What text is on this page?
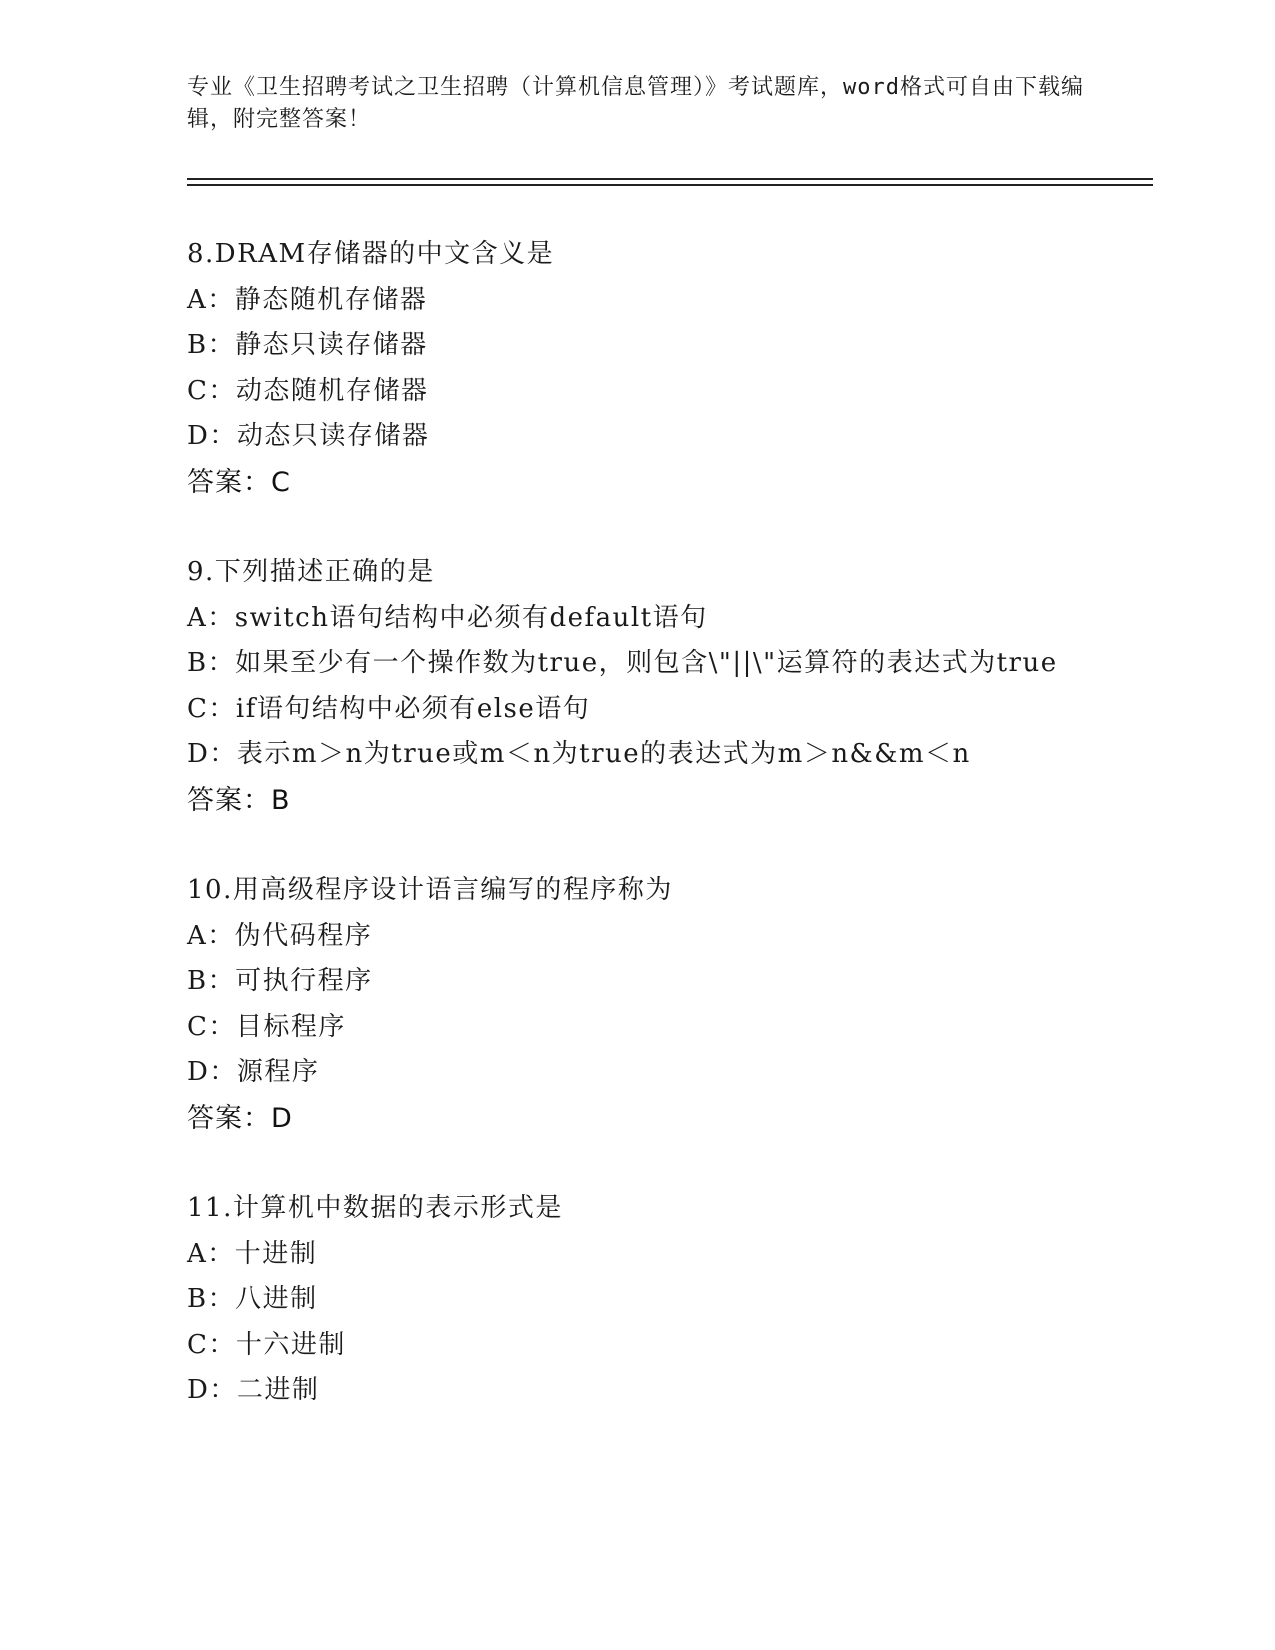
专业《卫生招聘考试之卫生招聘（计算机信息管理）》考试题库，word格式可自由下载编辑，附完整答案！
8.DRAM存储器的中文含义是
A：静态随机存储器
B：静态只读存储器
C：动态随机存储器
D：动态只读存储器
答案：C
9.下列描述正确的是
A：switch语句结构中必须有default语句
B：如果至少有一个操作数为true，则包含\"||\"运算符的表达式为true
C：if语句结构中必须有else语句
D：表示m＞n为true或m＜n为true的表达式为m＞n&&m＜n
答案：B
10.用高级程序设计语言编写的程序称为
A：伪代码程序
B：可执行程序
C：目标程序
D：源程序
答案：D
11.计算机中数据的表示形式是
A：十进制
B：八进制
C：十六进制
D：二进制
